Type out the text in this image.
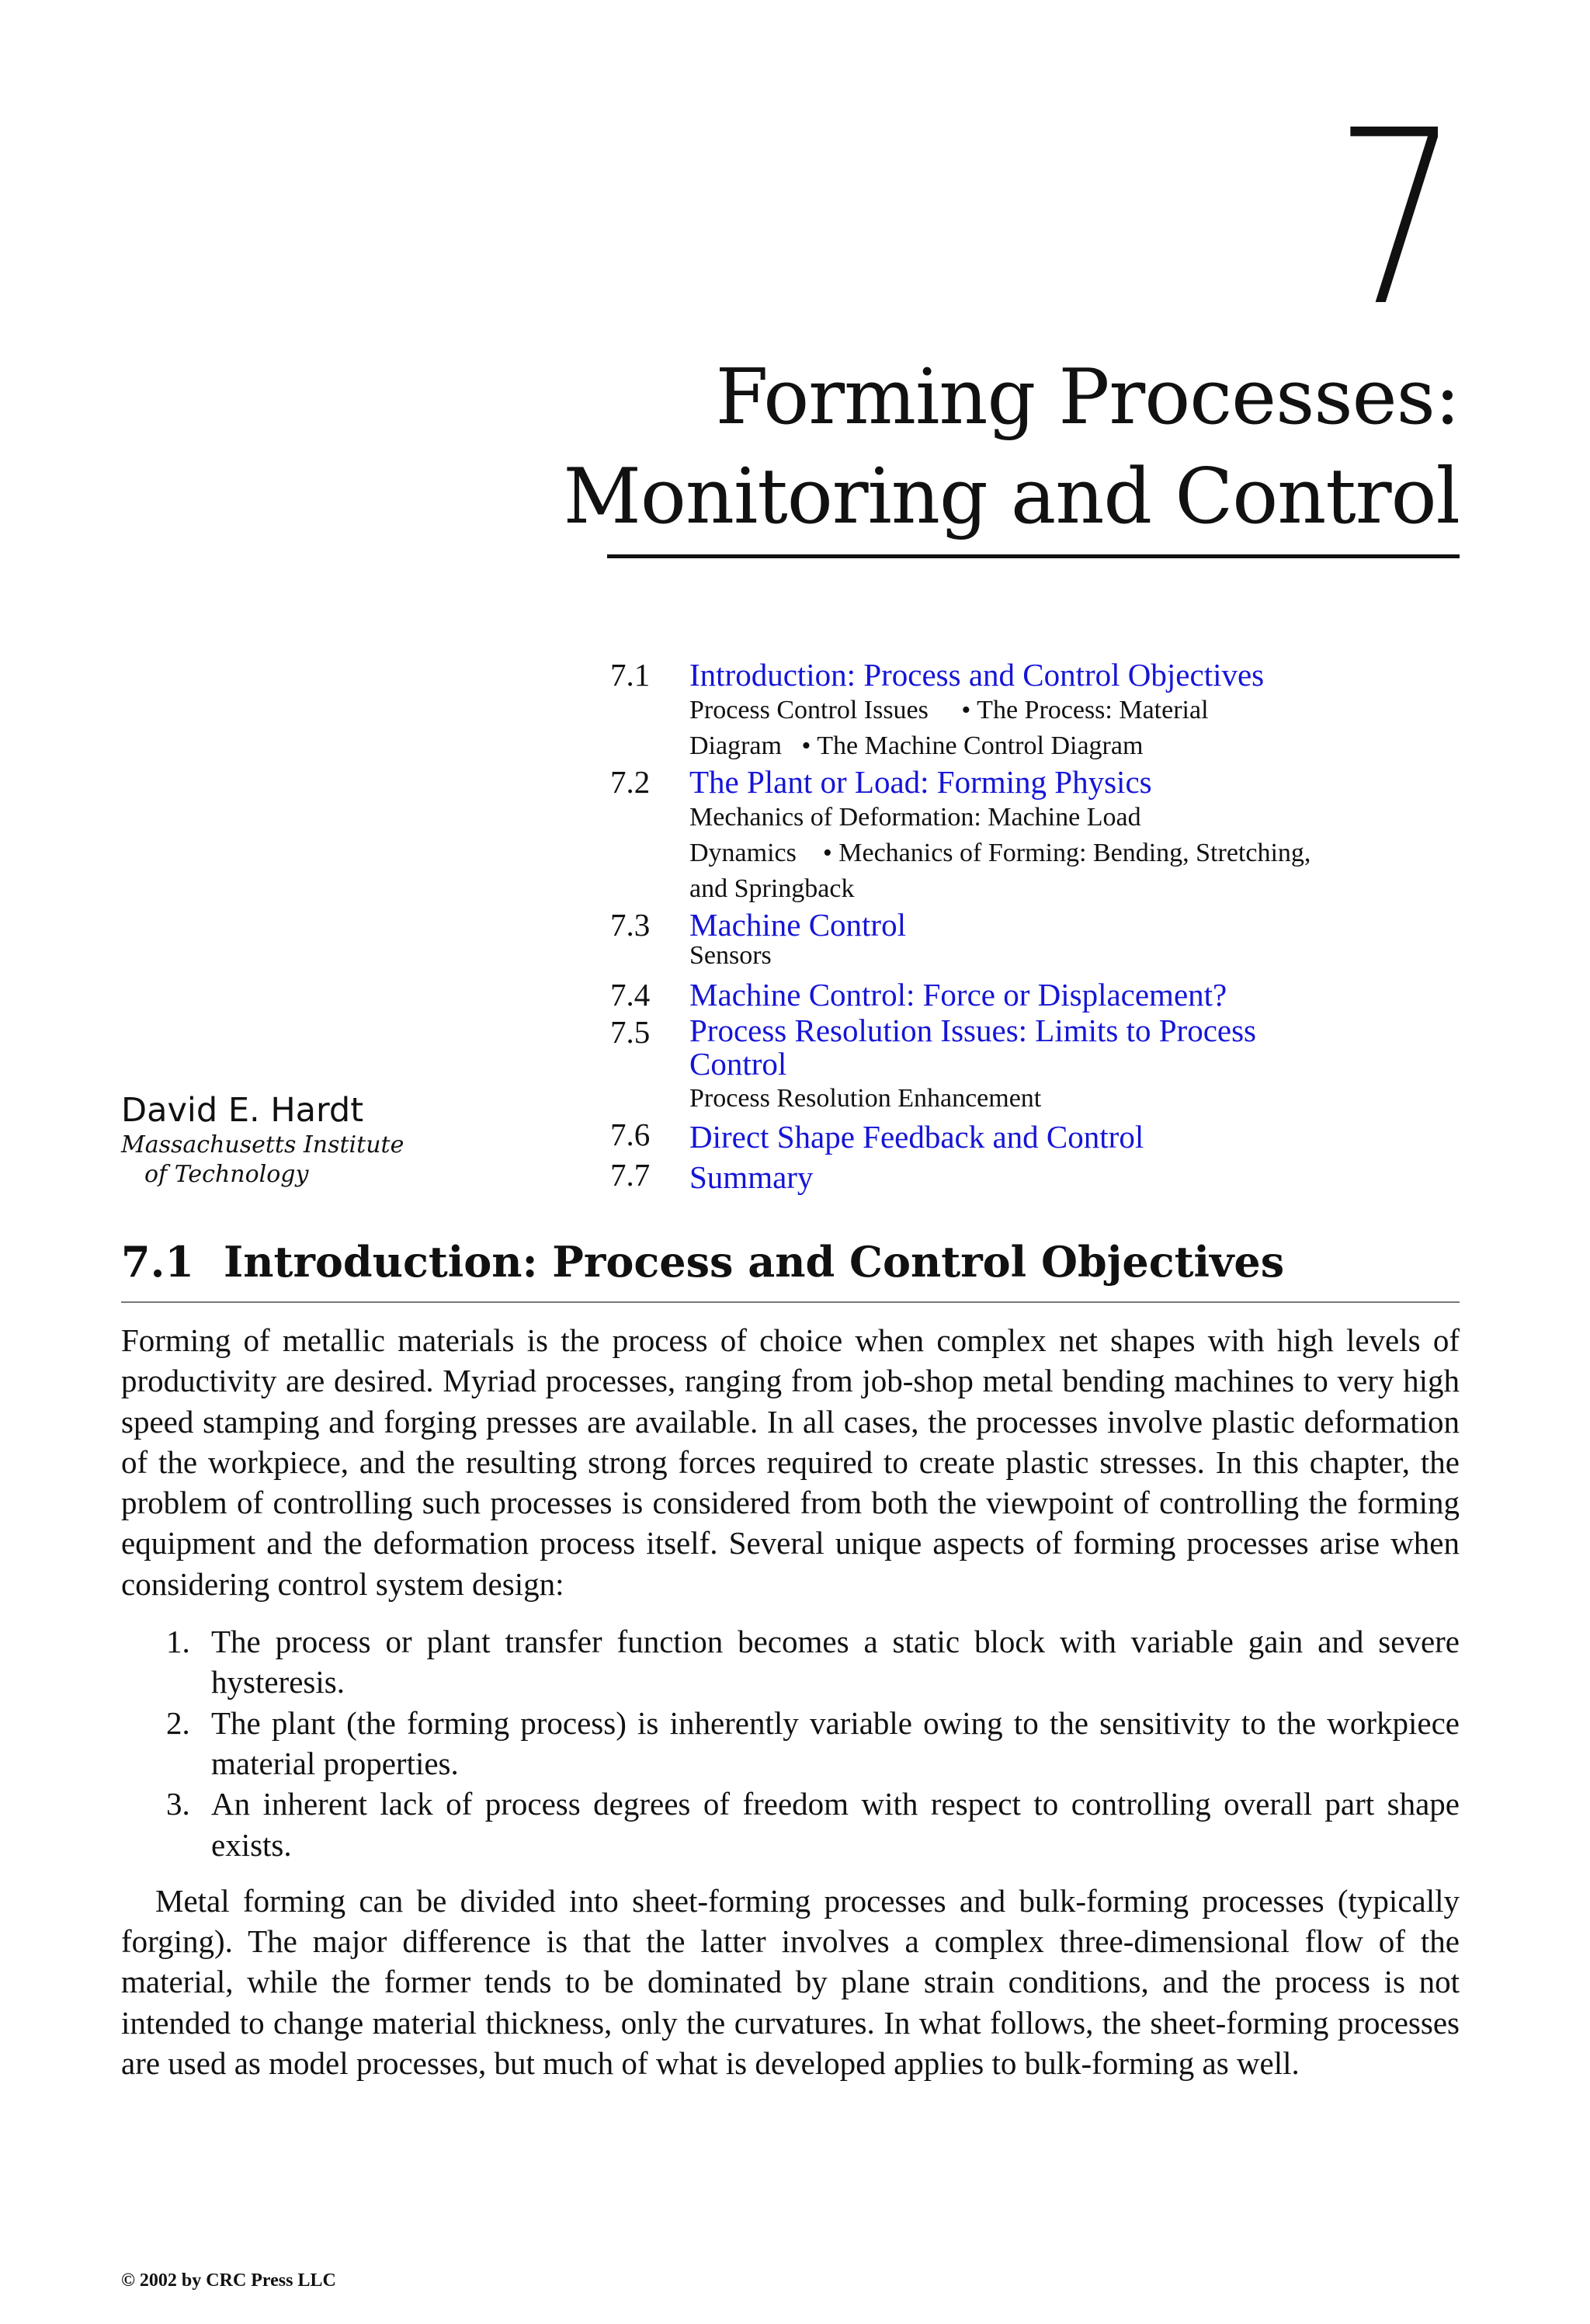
7
Forming Processes:
Monitoring and Control
7.1 Introduction: Process and Control Objectives
Process Control Issues • The Process: Material
Diagram • The Machine Control Diagram
7.2 The Plant or Load: Forming Physics
Mechanics of Deformation: Machine Load
Dynamics • Mechanics of Forming: Bending, Stretching,
and Springback
7.3 Machine Control
Sensors
7.4 Machine Control: Force or Displacement?
7.5 Process Resolution Issues: Limits to Process Control
Process Resolution Enhancement
7.6 Direct Shape Feedback and Control
7.7 Summary
David E. Hardt
Massachusetts Institute
of Technology
7.1 Introduction: Process and Control Objectives

Forming of metallic materials is the process of choice when complex net shapes with high levels of productivity are desired. Myriad processes, ranging from job-shop metal bending machines to very high speed stamping and forging presses are available. In all cases, the processes involve plastic deformation of the workpiece, and the resulting strong forces required to create plastic stresses. In this chapter, the problem of controlling such processes is considered from both the viewpoint of controlling the forming equipment and the deformation process itself. Several unique aspects of forming processes arise when considering control system design:

1. The process or plant transfer function becomes a static block with variable gain and severe hysteresis.
2. The plant (the forming process) is inherently variable owing to the sensitivity to the workpiece material properties.
3. An inherent lack of process degrees of freedom with respect to controlling overall part shape exists.

Metal forming can be divided into sheet-forming processes and bulk-forming processes (typically forging). The major difference is that the latter involves a complex three-dimensional flow of the material, while the former tends to be dominated by plane strain conditions, and the process is not intended to change material thickness, only the curvatures. In what follows, the sheet-forming processes are used as model processes, but much of what is developed applies to bulk-forming as well.

© 2002 by CRC Press LLC
